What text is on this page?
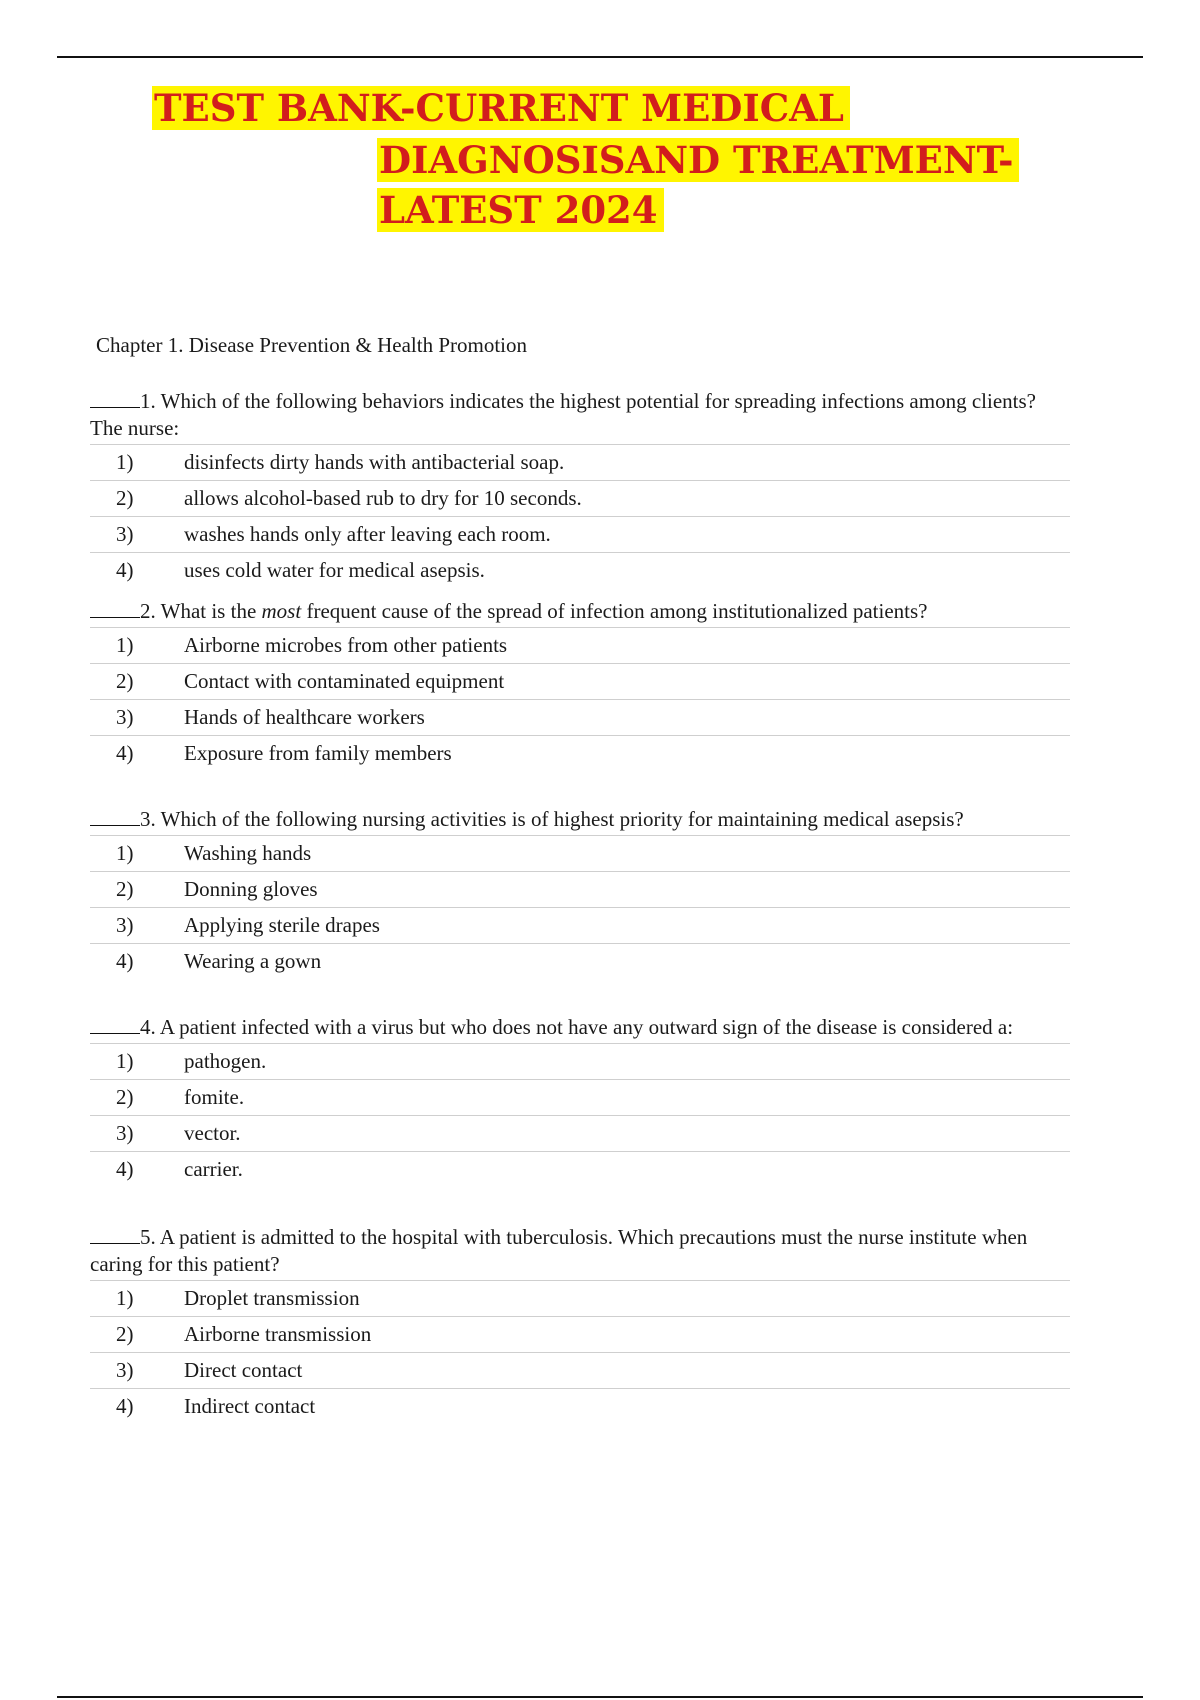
TEST BANK-CURRENT MEDICAL
DIAGNOSISAND TREATMENT-
LATEST 2024
Chapter 1. Disease Prevention & Health Promotion

1. Which of the following behaviors indicates the highest potential for spreading infections among clients? The nurse:

1) disinfects dirty hands with antibacterial soap.
2) allows alcohol-based rub to dry for 10 seconds.
3) washes hands only after leaving each room.
4) uses cold water for medical asepsis.

2. What is the most frequent cause of the spread of infection among institutionalized patients?

1) Airborne microbes from other patients
2) Contact with contaminated equipment
3) Hands of healthcare workers
4) Exposure from family members

3. Which of the following nursing activities is of highest priority for maintaining medical asepsis?

1) Washing hands
2) Donning gloves
3) Applying sterile drapes
4) Wearing a gown

4. A patient infected with a virus but who does not have any outward sign of the disease is considered a:

1) pathogen.
2) fomite.
3) vector.
4) carrier.

5. A patient is admitted to the hospital with tuberculosis. Which precautions must the nurse institute when caring for this patient?

1) Droplet transmission
2) Airborne transmission
3) Direct contact
4) Indirect contact
